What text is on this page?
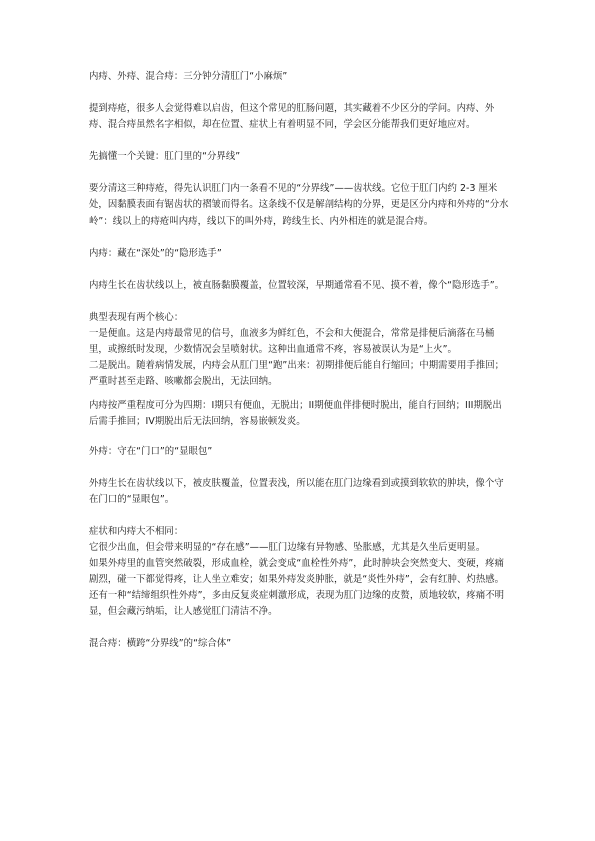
内痔、外痔、混合痔：三分钟分清肛门“小麻烦”

提到痔疮，很多人会觉得难以启齿，但这个常见的肛肠问题，其实藏着不少区分的学问。内痔、外痔、混合痔虽然名字相似，却在位置、症状上有着明显不同，学会区分能帮我们更好地应对。

先搞懂一个关键：肛门里的“分界线”

要分清这三种痔疮，得先认识肛门内一条看不见的“分界线”——齿状线。它位于肛门内约 2-3 厘米处，因黏膜表面有锯齿状的褶皱而得名。这条线不仅是解剖结构的分界，更是区分内痔和外痔的“分水岭”：线以上的痔疮叫内痔，线以下的叫外痔，跨线生长、内外相连的就是混合痔。

内痔：藏在“深处”的“隐形选手”

内痔生长在齿状线以上，被直肠黏膜覆盖，位置较深，早期通常看不见、摸不着，像个“隐形选手”。

典型表现有两个核心：

一是便血。这是内痔最常见的信号，血液多为鲜红色，不会和大便混合，常常是排便后滴落在马桶里，或擦纸时发现，少数情况会呈喷射状。这种出血通常不疼，容易被误认为是“上火”。

二是脱出。随着病情发展，内痔会从肛门里“跑”出来：初期排便后能自行缩回；中期需要用手推回；严重时甚至走路、咳嗽都会脱出，无法回纳。

内痔按严重程度可分为四期：I期只有便血，无脱出；II期便血伴排便时脱出，能自行回纳；III期脱出后需手推回；IV期脱出后无法回纳，容易嵌顿发炎。

外痔：守在“门口”的“显眼包”

外痔生长在齿状线以下，被皮肤覆盖，位置表浅，所以能在肛门边缘看到或摸到软软的肿块，像个守在门口的“显眼包”。

症状和内痔大不相同：

它很少出血，但会带来明显的“存在感”——肛门边缘有异物感、坠胀感，尤其是久坐后更明显。

如果外痔里的血管突然破裂，形成血栓，就会变成“血栓性外痔”，此时肿块会突然变大、变硬，疼痛剧烈，碰一下都觉得疼，让人坐立难安；如果外痔发炎肿胀，就是“炎性外痔”，会有红肿、灼热感。

还有一种“结缔组织性外痔”，多由反复炎症刺激形成，表现为肛门边缘的皮赘，质地较软，疼痛不明显，但会藏污纳垢，让人感觉肛门清洁不净。

混合痔：横跨“分界线”的“综合体”
